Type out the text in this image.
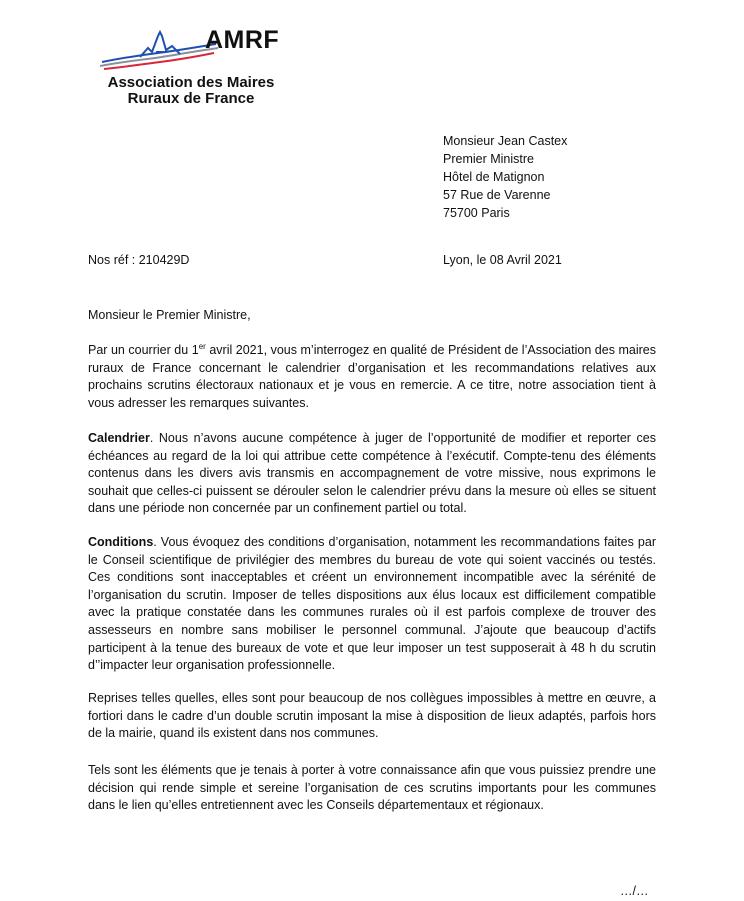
AMRF
Association des Maires
Ruraux de France
Monsieur Jean Castex
Premier Ministre
Hôtel de Matignon
57 Rue de Varenne
75700 Paris
Nos réf : 210429D	Lyon, le 08 Avril 2021
Monsieur le Premier Ministre,

Par un courrier du 1er avril 2021, vous m’interrogez en qualité de Président de l’Association des maires ruraux de France concernant le calendrier d’organisation et les recommandations relatives aux prochains scrutins électoraux nationaux et je vous en remercie. A ce titre, notre association tient à vous adresser les remarques suivantes.

Calendrier. Nous n’avons aucune compétence à juger de l’opportunité de modifier et reporter ces échéances au regard de la loi qui attribue cette compétence à l’exécutif. Compte-tenu des éléments contenus dans les divers avis transmis en accompagnement de votre missive, nous exprimons le souhait que celles-ci puissent se dérouler selon le calendrier prévu dans la mesure où elles se situent dans une période non concernée par un confinement partiel ou total.

Conditions. Vous évoquez des conditions d’organisation, notamment les recommandations faites par le Conseil scientifique de privilégier des membres du bureau de vote qui soient vaccinés ou testés. Ces conditions sont inacceptables et créent un environnement incompatible avec la sérénité de l’organisation du scrutin. Imposer de telles dispositions aux élus locaux est difficilement compatible avec la pratique constatée dans les communes rurales où il est parfois complexe de trouver des assesseurs en nombre sans mobiliser le personnel communal. J’ajoute que beaucoup d’actifs participent à la tenue des bureaux de vote et que leur imposer un test supposerait à 48 h du scrutin d’’impacter leur organisation professionnelle.

Reprises telles quelles, elles sont pour beaucoup de nos collègues impossibles à mettre en œuvre, a fortiori dans le cadre d’un double scrutin imposant la mise à disposition de lieux adaptés, parfois hors de la mairie, quand ils existent dans nos communes.

Tels sont les éléments que je tenais à porter à votre connaissance afin que vous puissiez prendre une décision qui rende simple et sereine l’organisation de ces scrutins importants pour les communes dans le lien qu’elles entretiennent avec les Conseils départementaux et régionaux.

…/…
